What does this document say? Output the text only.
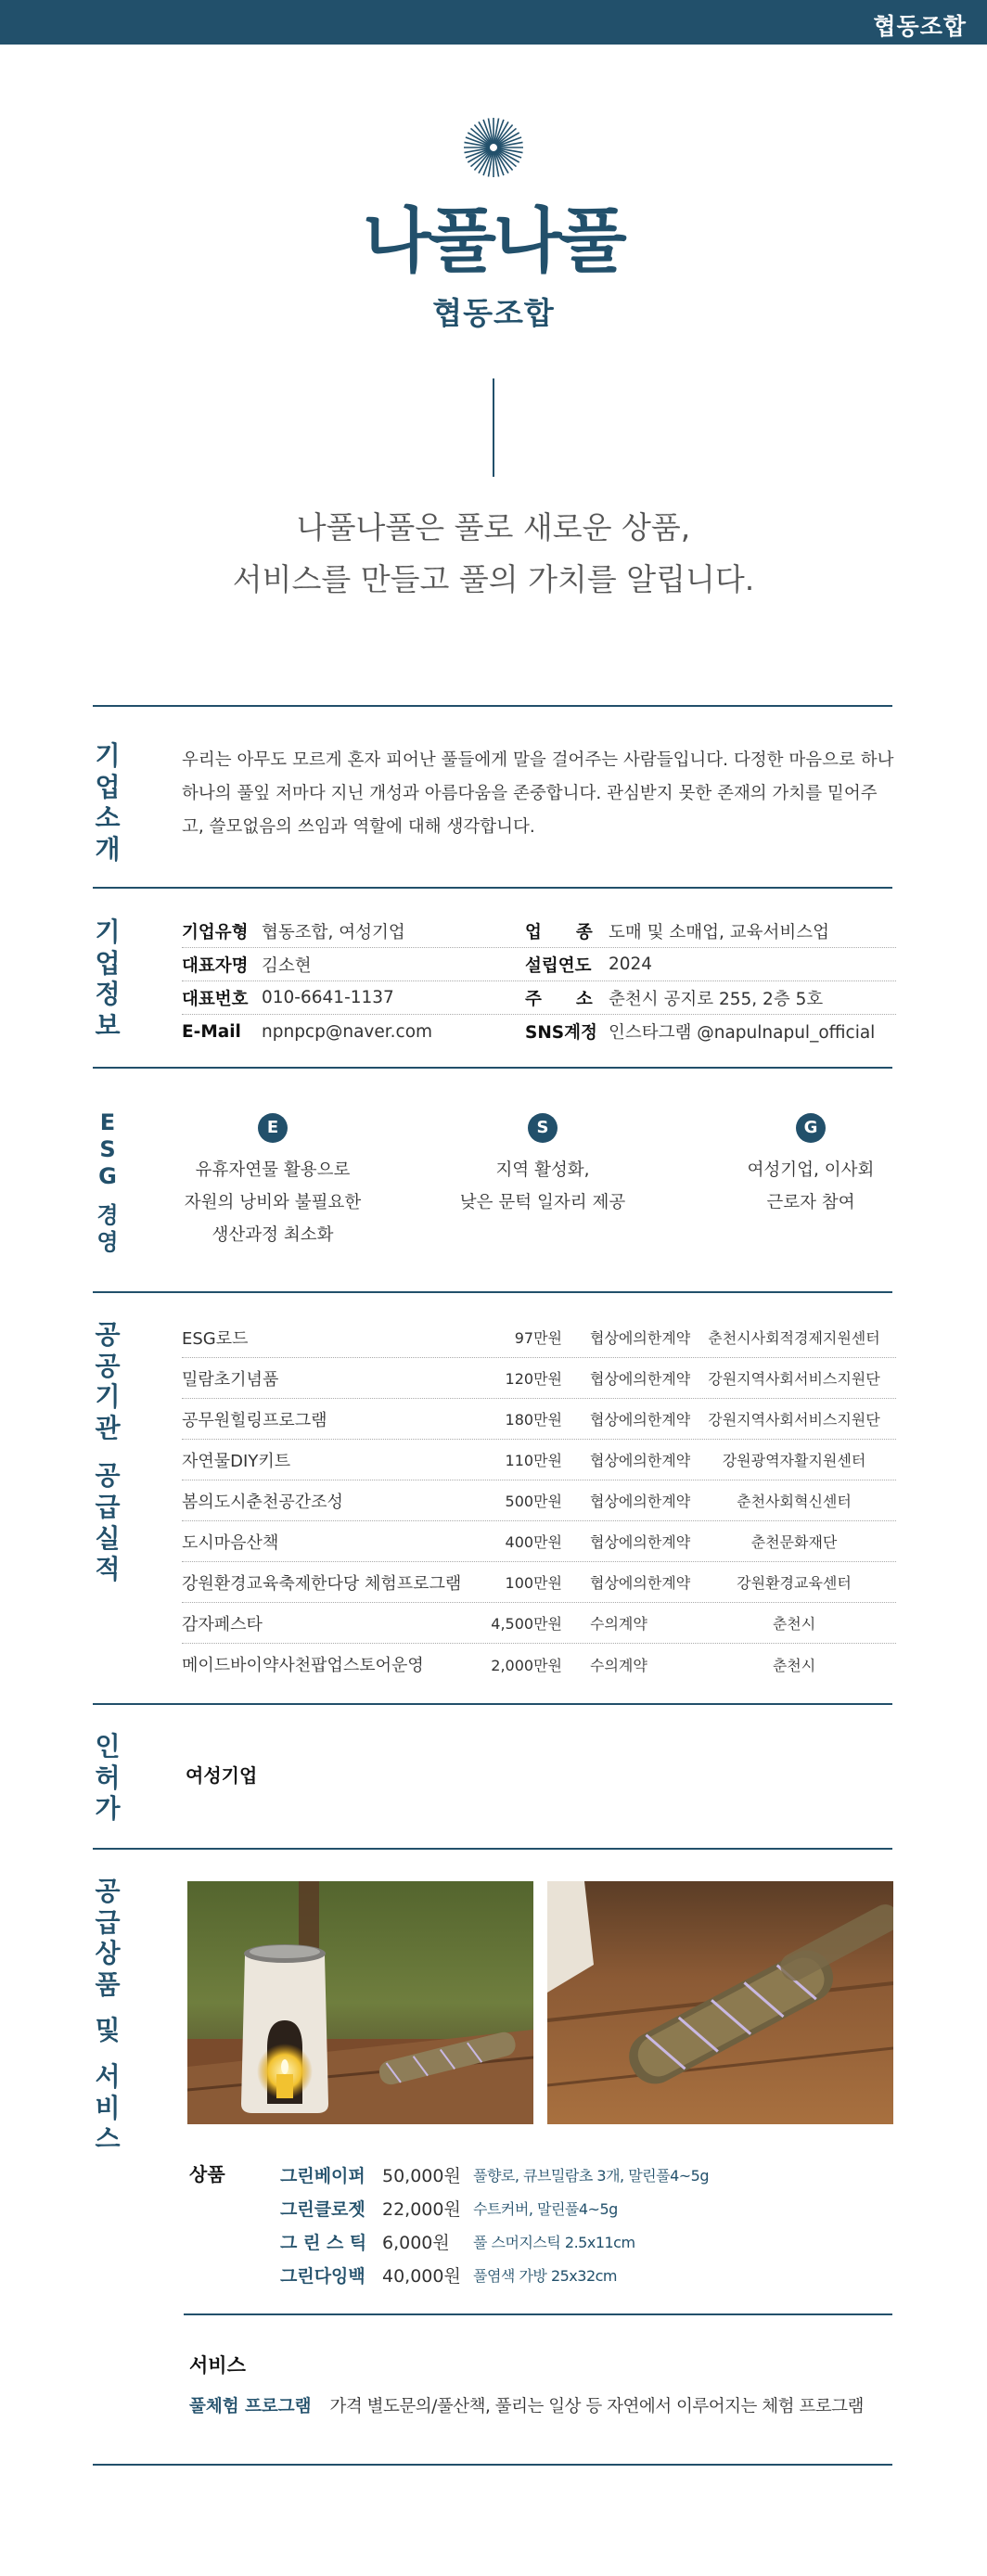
협동조합
나풀나풀
협동조합
나풀나풀은 풀로 새로운 상품,
서비스를 만들고 풀의 가치를 알립니다.
기
업
소
개
우리는 아무도 모르게 혼자 피어난 풀들에게 말을 걸어주는 사람들입니다. 다정한 마음으로 하나하나의 풀잎 저마다 지닌 개성과 아름다움을 존중합니다. 관심받지 못한 존재의 가치를 밑어주고, 쓸모없음의 쓰임과 역할에 대해 생각합니다.
기
업
정
보
기업유형 협동조합, 여성기업	업　　종 도매 및 소매업, 교육서비스업
대표자명 김소현	설립연도	2024
대표번호 010-6641-1137	주　　소 춘천시 공지로 255, 2층 5호
E-Mail	npnpcp@naver.com	SNS계정 인스타그램 @napulnapul_official
E
S
G
경
영
E
유휴자연물 활용으로
자원의 낭비와 불필요한
생산과정 최소화
S
지역 활성화,
낮은 문턱 일자리 제공
G
여성기업, 이사회
근로자 참여
공
공
기
관
공
급
실
적
ESG로드	97만원	협상에의한계약	춘천시사회적경제지원센터
밀람초기념품	120만원	협상에의한계약	강원지역사회서비스지원단
공무원힐링프로그램	180만원	협상에의한계약	강원지역사회서비스지원단
자연물DIY키트	110만원	협상에의한계약	강원광역자활지원센터
봄의도시춘천공간조성	500만원	협상에의한계약	춘천사회혁신센터
도시마음산책	400만원	협상에의한계약	춘천문화재단
강원환경교육축제한다당 체험프로그램	100만원	협상에의한계약	강원환경교육센터
감자페스타	4,500만원	수의계약	춘천시
메이드바이약사천팝업스토어운영	2,000만원	수의계약	춘천시
인
허
가
여성기업
공
급
상
품
및
서
비
스
상품	그린베이퍼 50,000원 풀향로, 큐브밀람초 3개, 말린풀4~5g
그린클로젯 22,000원 수트커버, 말린풀4~5g
그 린 스 틱 6,000원	풀 스머지스틱 2.5x11cm
그린다잉백 40,000원 풀염색 가방 25x32cm
서비스
풀체험 프로그램 가격 별도문의/풀산책, 풀리는 일상 등 자연에서 이루어지는 체험 프로그램
